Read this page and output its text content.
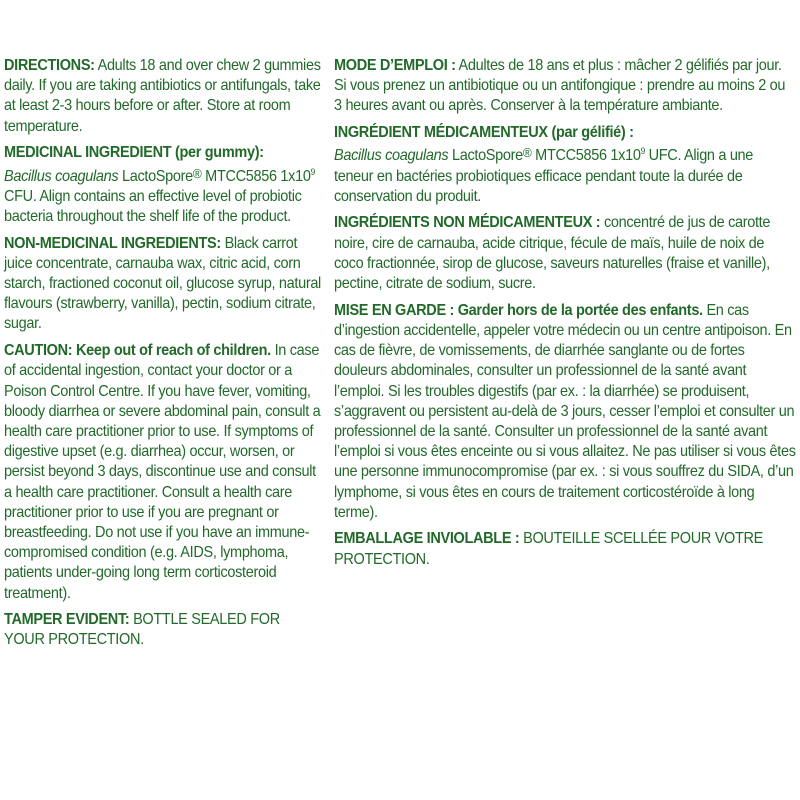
DIRECTIONS: Adults 18 and over chew 2 gummies daily. If you are taking antibiotics or antifungals, take at least 2-3 hours before or after. Store at room temperature.

MEDICINAL INGREDIENT (per gummy):
Bacillus coagulans LactoSpore® MTCC5856 $1x10^9$ CFU. Align contains an effective level of probiotic bacteria throughout the shelf life of the product.

NON-MEDICINAL INGREDIENTS: Black carrot juice concentrate, carnauba wax, citric acid, corn starch, fractioned coconut oil, glucose syrup, natural flavours (strawberry, vanilla), pectin, sodium citrate, sugar.

CAUTION: Keep out of reach of children. In case of accidental ingestion, contact your doctor or a Poison Control Centre. If you have fever, vomiting, bloody diarrhea or severe abdominal pain, consult a health care practitioner prior to use. If symptoms of digestive upset (e.g. diarrhea) occur, worsen, or persist beyond 3 days, discontinue use and consult a health care practitioner. Consult a health care practitioner prior to use if you are pregnant or breastfeeding. Do not use if you have an immune-compromised condition (e.g. AIDS, lymphoma, patients under-going long term corticosteroid treatment).

TAMPER EVIDENT: BOTTLE SEALED FOR YOUR PROTECTION.

MODE D’EMPLOI : Adultes de 18 ans et plus : mâcher 2 gélifiés par jour. Si vous prenez un antibiotique ou un antifongique : prendre au moins 2 ou 3 heures avant ou après. Conserver à la température ambiante.

INGRÉDIENT MÉDICAMENTEUX (par gélifié) :
Bacillus coagulans LactoSpore® MTCC5856 $1x10^9$ UFC. Align a une teneur en bactéries probiotiques efficace pendant toute la durée de conservation du produit.

INGRÉDIENTS NON MÉDICAMENTEUX : concentré de jus de carotte noire, cire de carnauba, acide citrique, fécule de maïs, huile de noix de coco fractionnée, sirop de glucose, saveurs naturelles (fraise et vanille), pectine, citrate de sodium, sucre.

MISE EN GARDE : Garder hors de la portée des enfants. En cas d’ingestion accidentelle, appeler votre médecin ou un centre antipoison. En cas de fièvre, de vomissements, de diarrhée sanglante ou de fortes douleurs abdominales, consulter un professionnel de la santé avant l’emploi. Si les troubles digestifs (par ex. : la diarrhée) se produisent, s’aggravent ou persistent au-delà de 3 jours, cesser l’emploi et consulter un professionnel de la santé. Consulter un professionnel de la santé avant l’emploi si vous êtes enceinte ou si vous allaitez. Ne pas utiliser si vous êtes une personne immunocompromise (par ex. : si vous souffrez du SIDA, d’un lymphome, si vous êtes en cours de traitement corticostéroïde à long terme).

EMBALLAGE INVIOLABLE : BOUTEILLE SCELLÉE POUR VOTRE PROTECTION.
